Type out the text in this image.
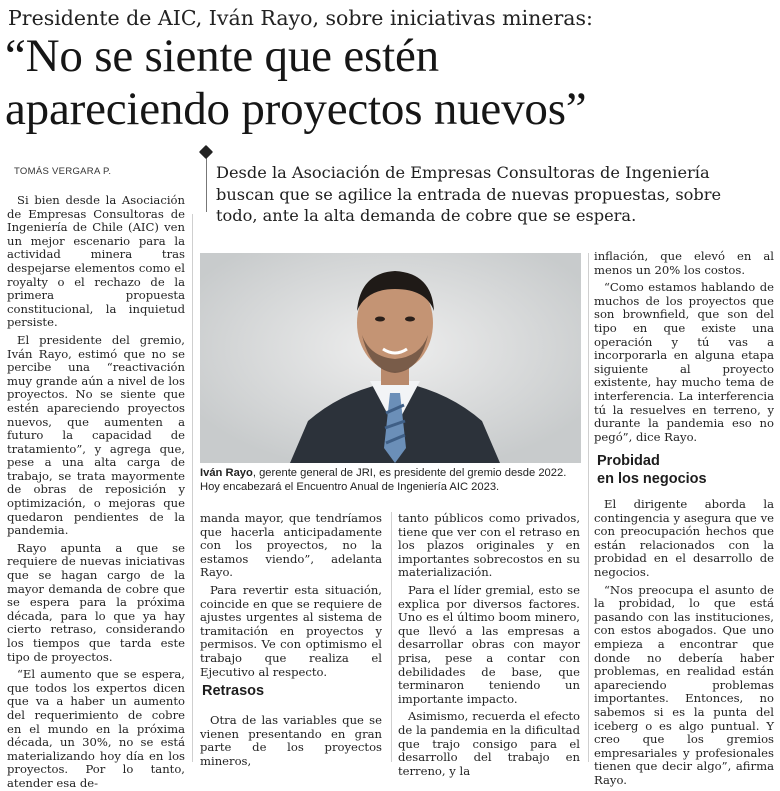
Presidente de AIC, Iván Rayo, sobre iniciativas mineras:
“No se siente que estén
apareciendo proyectos nuevos”
TOMÁS VERGARA P.	Desde la Asociación de Empresas Consultoras de Ingeniería
buscan que se agilice la entrada de nuevas propuestas, sobre
todo, ante la alta demanda de cobre que se espera.

Si bien desde la Asociación de Empresas Consultoras de Ingeniería de Chile (AIC) ven un mejor escenario para la actividad minera tras despejarse elementos como el royalty o el rechazo de la primera propuesta constitucional, la inquietud persiste.

El presidente del gremio, Iván Rayo, estimó que no se percibe una “reactivación muy grande aún a nivel de los proyectos. No se siente que estén apareciendo proyectos nuevos, que aumenten a futuro la capacidad de tratamiento”, y agrega que, pese a una alta carga de trabajo, se trata mayormente de obras de reposición y optimización, o mejoras que quedaron pendientes de la pandemia.

Rayo apunta a que se requiere de nuevas iniciativas que se hagan cargo de la mayor demanda de cobre que se espera para la próxima década, para lo que ya hay cierto retraso, considerando los tiempos que tarda este tipo de proyectos.

“El aumento que se espera, que todos los expertos dicen que va a haber un aumento del requerimiento de cobre en el mundo en la próxima década, un 30%, no se está materializando hoy día en los proyectos. Por lo tanto, atender esa de-

Iván Rayo, gerente general de JRI, es presidente del gremio desde 2022. Hoy encabezará el Encuentro Anual de Ingeniería AIC 2023.

manda mayor, que tendríamos que hacerla anticipadamente con los proyectos, no la estamos viendo”, adelanta Rayo.

Para revertir esta situación, coincide en que se requiere de ajustes urgentes al sistema de tramitación en proyectos y permisos. Ve con optimismo el trabajo que realiza el Ejecutivo al respecto.

Retrasos

Otra de las variables que se vienen presentando en gran parte de los proyectos mineros,

tanto públicos como privados, tiene que ver con el retraso en los plazos originales y en importantes sobrecostos en su materialización.

Para el líder gremial, esto se explica por diversos factores. Uno es el último boom minero, que llevó a las empresas a desarrollar obras con mayor prisa, pese a contar con debilidades de base, que terminaron teniendo un importante impacto.

Asimismo, recuerda el efecto de la pandemia en la dificultad que trajo consigo para el desarrollo del trabajo en terreno, y la

inflación, que elevó en al menos un 20% los costos.

“Como estamos hablando de muchos de los proyectos que son brownfield, que son del tipo en que existe una operación y tú vas a incorporarla en alguna etapa siguiente al proyecto existente, hay mucho tema de interferencia. La interferencia tú la resuelves en terreno, y durante la pandemia eso no pegó”, dice Rayo.

Probidad
en los negocios

El dirigente aborda la contingencia y asegura que ve con preocupación hechos que están relacionados con la probidad en el desarrollo de negocios.

“Nos preocupa el asunto de la probidad, lo que está pasando con las instituciones, con estos abogados. Que uno empieza a encontrar que donde no debería haber problemas, en realidad están apareciendo problemas importantes. Entonces, no sabemos si es la punta del iceberg o es algo puntual. Y creo que los gremios empresariales y profesionales tienen que decir algo”, afirma Rayo.
